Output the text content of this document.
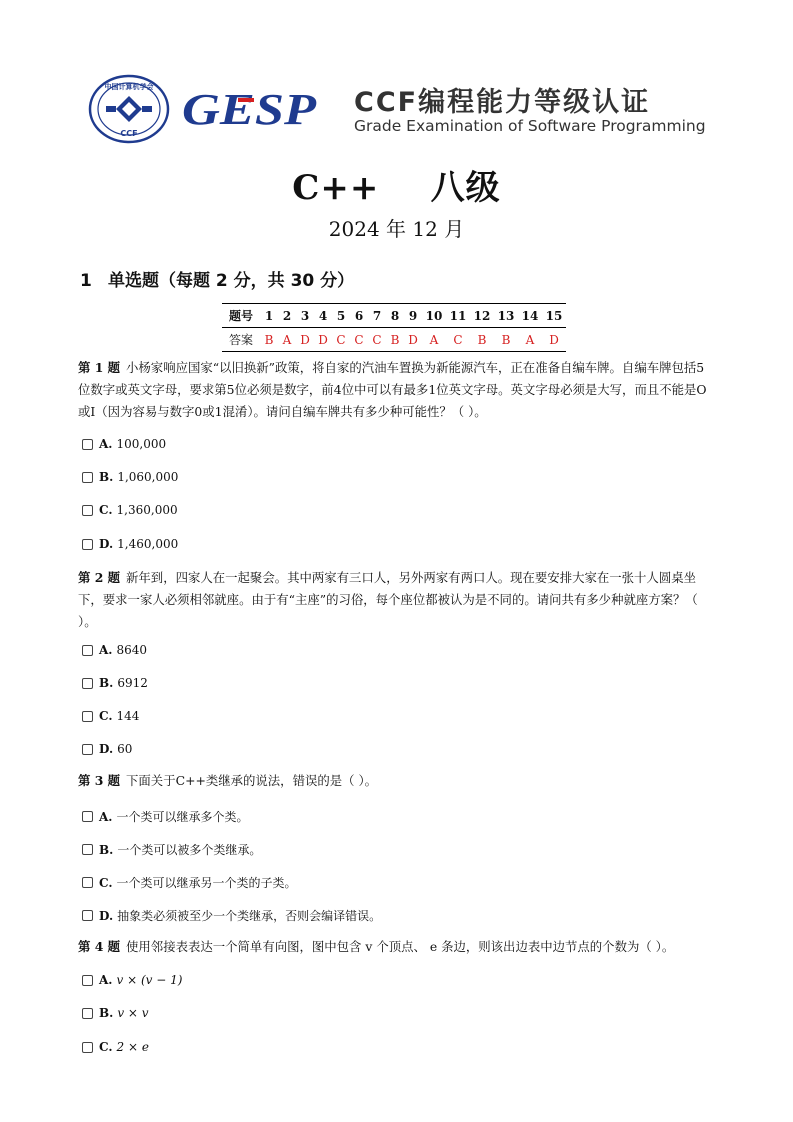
中国计算机学会
CCF GESP CCF编程能力等级认证
Grade Examination of Software Programming
C++    八级
2024 年 12 月
1 单选题（每题 2 分，共 30 分）
题号	1	2	3	4	5	6	7	8	9	10	11	12	13	14	15
答案	B	A	D	D	C	C	C	B	D	A	C	B	B	A	D
第 1 题 小杨家响应国家“以旧换新”政策，将自家的汽油车置换为新能源汽车，正在准备自编车牌。自编车牌包括5
位数字或英文字母，要求第5位必须是数字，前4位中可以有最多1位英文字母。英文字母必须是大写，而且不能是O
或I（因为容易与数字0或1混淆）。请问自编车牌共有多少种可能性？（ ）。
A. 100,000
B. 1,060,000
C. 1,360,000
D. 1,460,000
第 2 题 新年到，四家人在一起聚会。其中两家有三口人，另外两家有两口人。现在要安排大家在一张十人圆桌坐
下，要求一家人必须相邻就座。由于有“主座”的习俗，每个座位都被认为是不同的。请问共有多少种就座方案？（
）。
A. 8640
B. 6912
C. 144
D. 60
第 3 题 下面关于C++类继承的说法，错误的是（ ）。
A. 一个类可以继承多个类。
B. 一个类可以被多个类继承。
C. 一个类可以继承另一个类的子类。
D. 抽象类必须被至少一个类继承，否则会编译错误。
第 4 题 使用邻接表表达一个简单有向图，图中包含 v 个顶点、 e 条边，则该出边表中边节点的个数为（ ）。
A. v × (v − 1)
B. v × v
C. 2 × e
